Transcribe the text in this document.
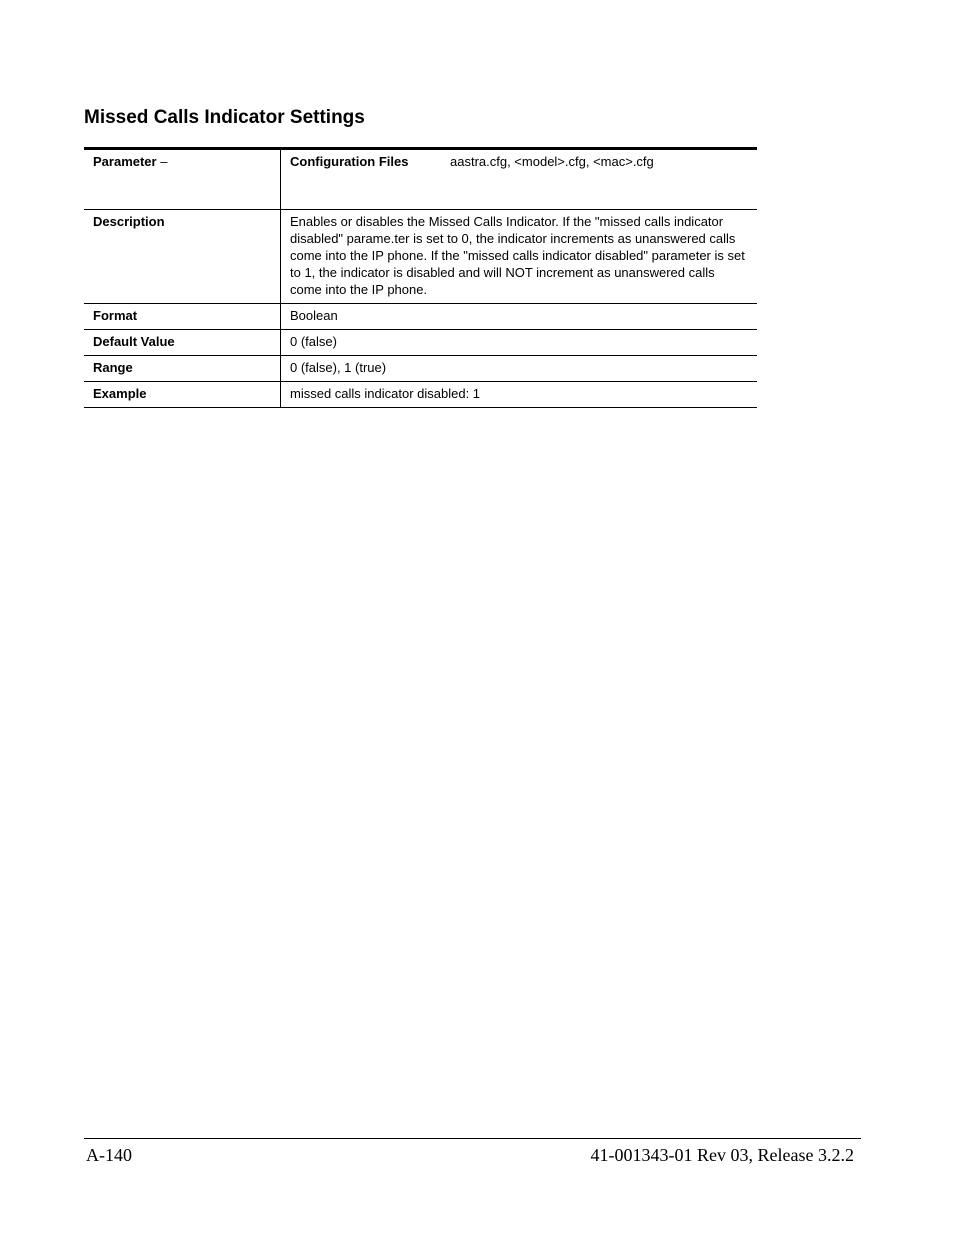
Missed Calls Indicator Settings
Parameter –	Configuration Files aastra.cfg, <model>.cfg, <mac>.cfg
Description	Enables or disables the Missed Calls Indicator. If the "missed calls indicator disabled" parame.ter is set to 0, the indicator increments as unanswered calls come into the IP phone. If the "missed calls indicator disabled" parameter is set to 1, the indicator is disabled and will NOT increment as unanswered calls come into the IP phone.
Format	Boolean
Default Value	0 (false)
Range	0 (false), 1 (true)
Example	missed calls indicator disabled: 1
A-140	41-001343-01 Rev 03, Release 3.2.2
